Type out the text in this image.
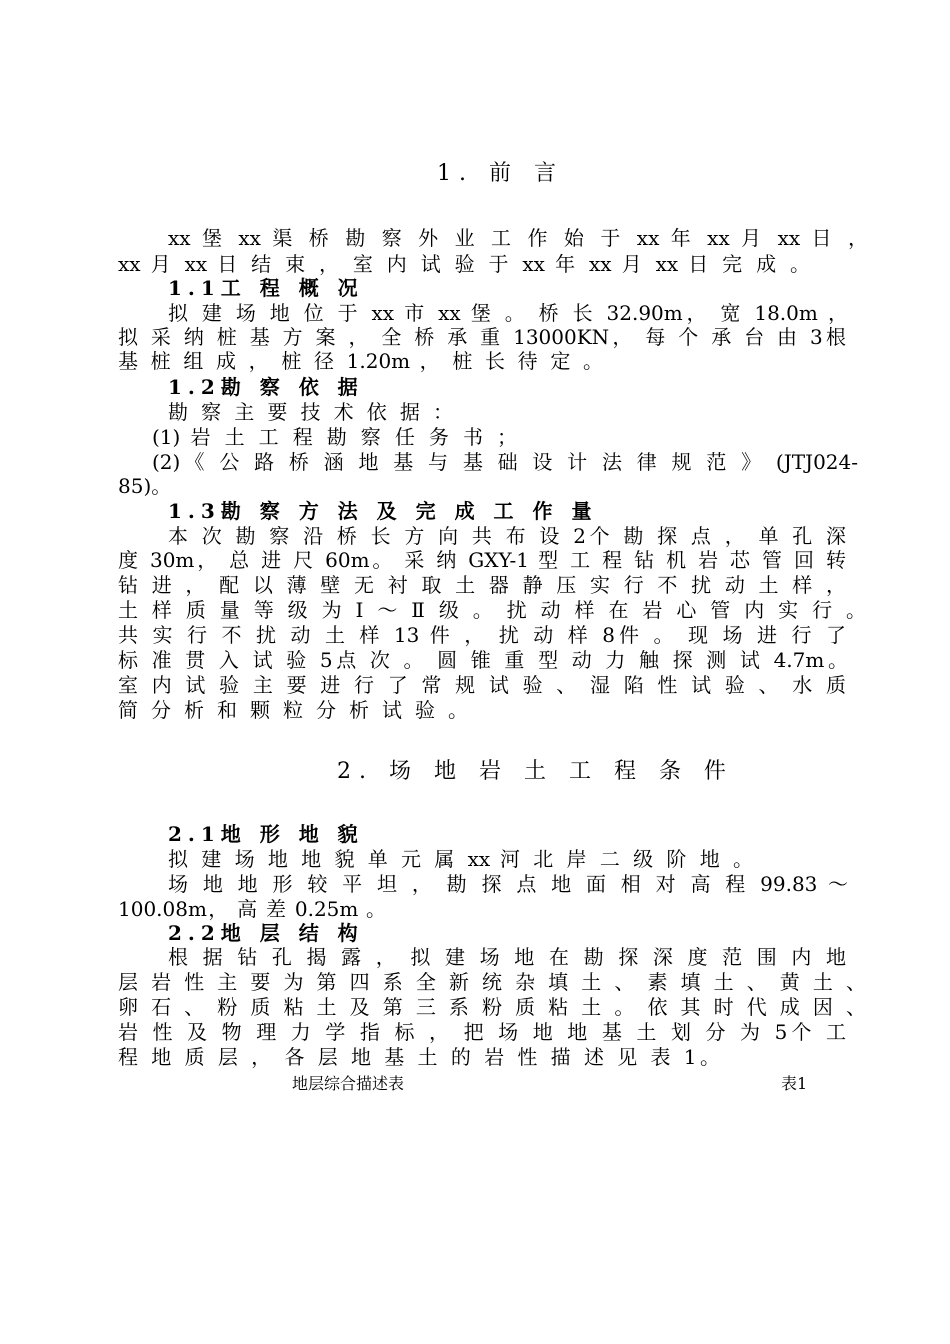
1. 前 言
xx 堡 xx 渠 桥 勘 察 外 业 工 作 始 于 xx 年 xx 月 xx 日 ，
xx 月 xx 日 结 束 ， 室 内 试 验 于 xx 年 xx 月 xx 日 完 成 。
1.1工 程 概 况
拟 建 场 地 位 于 xx 市 xx 堡 。 桥 长 32.90m， 宽 18.0m ，
拟 采 纳 桩 基 方 案 ， 全 桥 承 重 13000KN， 每 个 承 台 由 3根
基 桩 组 成 ， 桩 径 1.20m ， 桩 长 待 定 。
1.2勘 察 依 据
勘 察 主 要 技 术 依 据 ：
(1) 岩 土 工 程 勘 察 任 务 书 ；
(2)《 公 路 桥 涵 地 基 与 基 础 设 计 法 律 规 范 》 (JTJ024-
85)。
1.3勘 察 方 法 及 完 成 工 作 量
本 次 勘 察 沿 桥 长 方 向 共 布 设 2个 勘 探 点 ， 单 孔 深
度 30m， 总 进 尺 60m。 采 纳 GXY-1 型 工 程 钻 机 岩 芯 管 回 转
钻 进 ， 配 以 薄 壁 无 衬 取 土 器 静 压 实 行 不 扰 动 土 样 ，
土 样 质 量 等 级 为 Ⅰ ～ Ⅱ 级 。 扰 动 样 在 岩 心 管 内 实 行 。
共 实 行 不 扰 动 土 样 13 件 ， 扰 动 样 8件 。 现 场 进 行 了
标 准 贯 入 试 验 5点 次 。 圆 锥 重 型 动 力 触 探 测 试 4.7m。
室 内 试 验 主 要 进 行 了 常 规 试 验 、 湿 陷 性 试 验 、 水 质
简 分 析 和 颗 粒 分 析 试 验 。
2. 场 地 岩 土 工 程 条 件
2.1地 形 地 貌
拟 建 场 地 地 貌 单 元 属 xx 河 北 岸 二 级 阶 地 。
场 地 地 形 较 平 坦 ， 勘 探 点 地 面 相 对 高 程 99.83 ～
100.08m， 高 差 0.25m 。
2.2地 层 结 构
根 据 钻 孔 揭 露 ， 拟 建 场 地 在 勘 探 深 度 范 围 内 地
层 岩 性 主 要 为 第 四 系 全 新 统 杂 填 土 、 素 填 土 、 黄 土 、
卵 石 、 粉 质 粘 土 及 第 三 系 粉 质 粘 土 。 依 其 时 代 成 因 、
岩 性 及 物 理 力 学 指 标 ， 把 场 地 地 基 土 划 分 为 5个 工
程 地 质 层 ， 各 层 地 基 土 的 岩 性 描 述 见 表 1。
地层综合描述表	表1
